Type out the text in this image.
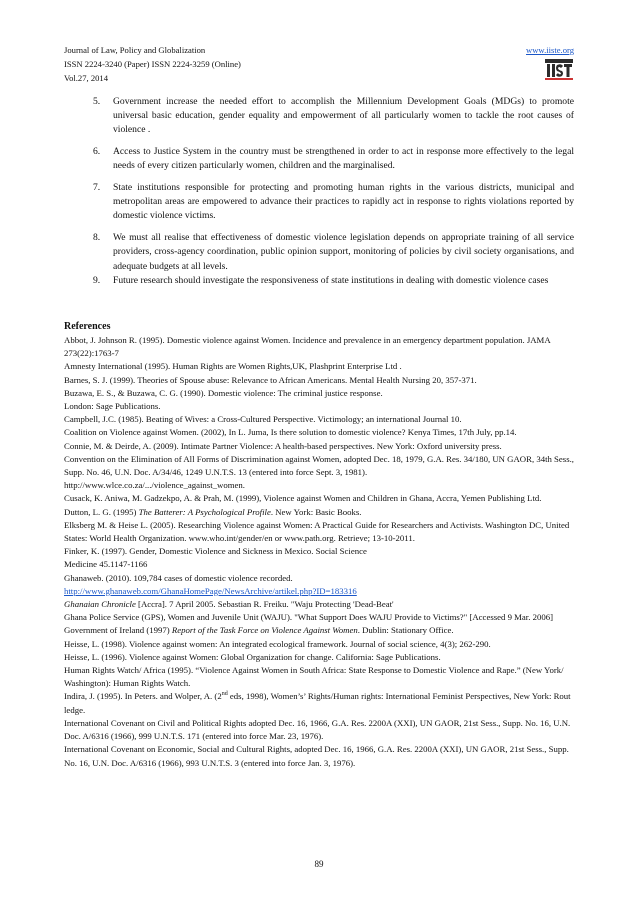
Journal of Law, Policy and Globalization
ISSN 2224-3240 (Paper) ISSN 2224-3259 (Online)
Vol.27, 2014
www.iiste.org
5. Government increase the needed effort to accomplish the Millennium Development Goals (MDGs) to promote universal basic education, gender equality and empowerment of all particularly women to tackle the root causes of violence .
6. Access to Justice System in the country must be strengthened in order to act in response more effectively to the legal needs of every citizen particularly women, children and the marginalised.
7. State institutions responsible for protecting and promoting human rights in the various districts, municipal and metropolitan areas are empowered to advance their practices to rapidly act in response to rights violations reported by domestic violence victims.
8. We must all realise that effectiveness of domestic violence legislation depends on appropriate training of all service providers, cross-agency coordination, public opinion support, monitoring of policies by civil society organisations, and adequate budgets at all levels.
9. Future research should investigate the responsiveness of state institutions in dealing with domestic violence cases
References
Abbot, J. Johnson R. (1995). Domestic violence against Women. Incidence and prevalence in an emergency department population. JAMA 273(22):1763-7
Amnesty International (1995). Human Rights are Women Rights,UK, Plashprint Enterprise Ltd .
Barnes, S. J. (1999). Theories of Spouse abuse: Relevance to African Americans. Mental Health Nursing 20, 357-371.
Buzawa, E. S., & Buzawa, C. G. (1990). Domestic violence: The criminal justice response.
London: Sage Publications.
Campbell, J.C. (1985). Beating of Wives: a Cross-Cultured Perspective. Victimology; an international Journal 10.
Coalition on Violence against Women. (2002), In L. Juma, Is there solution to domestic violence? Kenya Times, 17th July, pp.14.
Connie, M. & Deirde, A. (2009). Intimate Partner Violence: A health-based perspectives. New York: Oxford university press.
Convention on the Elimination of All Forms of Discrimination against Women, adopted Dec. 18, 1979, G.A. Res. 34/180, UN GAOR, 34th Sess., Supp. No. 46, U.N. Doc. A/34/46, 1249 U.N.T.S. 13 (entered into force Sept. 3, 1981).
http://www.wlce.co.za/.../violence_against_women.
Cusack, K. Aniwa, M. Gadzekpo, A. & Prah, M. (1999), Violence against Women and Children in Ghana, Accra, Yemen Publishing Ltd.
Dutton, L. G. (1995) The Batterer: A Psychological Profile. New York: Basic Books.
Elksberg M. & Heise L. (2005). Researching Violence against Women: A Practical Guide for Researchers and Activists. Washington DC, United States: World Health Organization. www.who.int/gender/en or www.path.org. Retrieve; 13-10-2011.
Finker, K. (1997). Gender, Domestic Violence and Sickness in Mexico. Social Science
Medicine 45.1147-1166
Ghanaweb. (2010). 109,784 cases of domestic violence recorded.
http://www.ghanaweb.com/GhanaHomePage/NewsArchive/artikel.php?ID=183316
Ghanaian Chronicle [Accra]. 7 April 2005. Sebastian R. Freiku. "Waju Protecting 'Dead-Beat'
Ghana Police Service (GPS), Women and Juvenile Unit (WAJU). "What Support Does WAJU Provide to Victims?" [Accessed 9 Mar. 2006]
Government of Ireland (1997) Report of the Task Force on Violence Against Women. Dublin: Stationary Office.
Heisse, L. (1998). Violence against women: An integrated ecological framework. Journal of social science, 4(3); 262-290.
Heisse, L. (1996). Violence against Women: Global Organization for change. California: Sage Publications.
Human Rights Watch/ Africa (1995). “Violence Against Women in South Africa: State Response to Domestic Violence and Rape.” (New York/ Washington): Human Rights Watch.
Indira, J. (1995). In Peters. and Wolper, A. (2nd eds, 1998), Women’s’ Rights/Human rights: International Feminist Perspectives, New York: Rout ledge.
International Covenant on Civil and Political Rights adopted Dec. 16, 1966, G.A. Res. 2200A (XXI), UN GAOR, 21st Sess., Supp. No. 16, U.N. Doc. A/6316 (1966), 999 U.N.T.S. 171 (entered into force Mar. 23, 1976).
International Covenant on Economic, Social and Cultural Rights, adopted Dec. 16, 1966, G.A. Res. 2200A (XXI), UN GAOR, 21st Sess., Supp. No. 16, U.N. Doc. A/6316 (1966), 993 U.N.T.S. 3 (entered into force Jan. 3, 1976).
89
